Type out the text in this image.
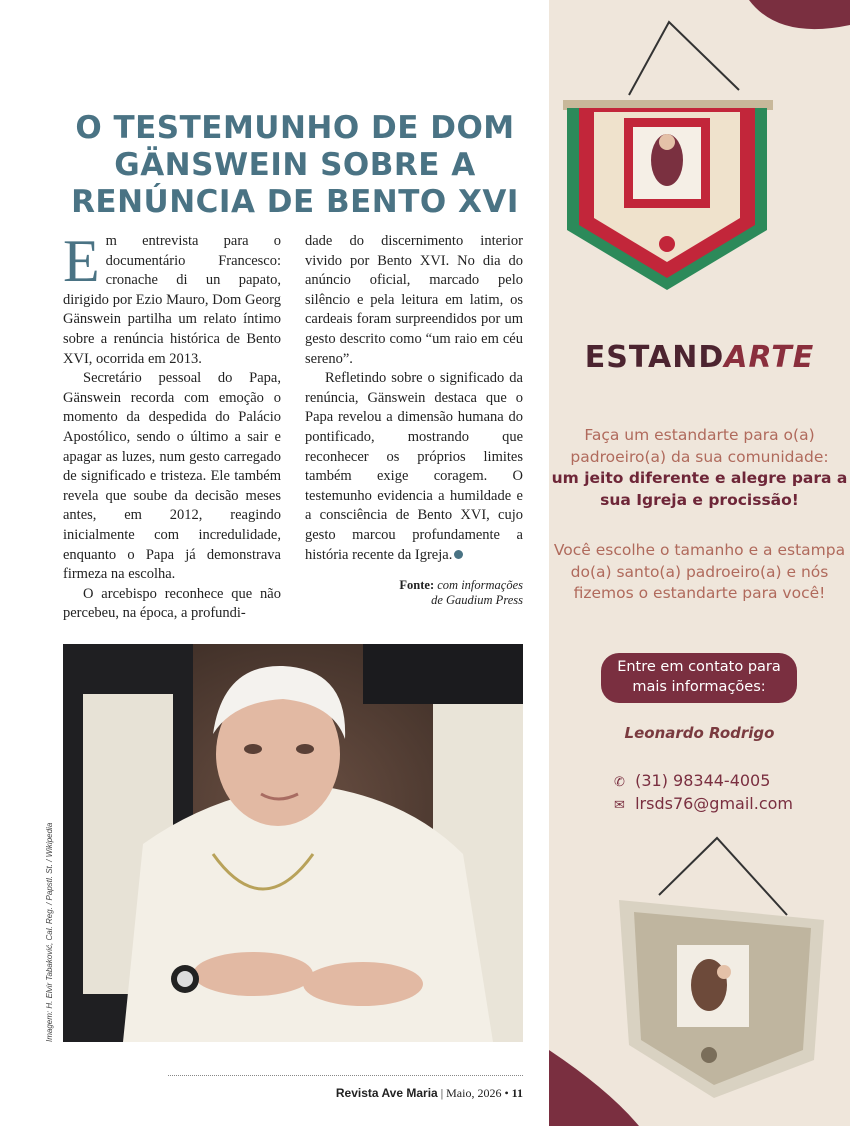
O TESTEMUNHO DE DOM
GÄNSWEIN SOBRE A
RENÚNCIA DE BENTO XVI

Em entrevista para o documentário Francesco: cronache di un papato, dirigido por Ezio Mauro, Dom Georg Gänswein partilha um relato íntimo sobre a renúncia histórica de Bento XVI, ocorrida em 2013.

Secretário pessoal do Papa, Gänswein recorda com emoção o momento da despedida do Palácio Apostólico, sendo o último a sair e apagar as luzes, num gesto carregado de significado e tristeza. Ele também revela que soube da decisão meses antes, em 2012, reagindo inicialmente com incredulidade, enquanto o Papa já demonstrava firmeza na escolha.

O arcebispo reconhece que não percebeu, na época, a profundi-

dade do discernimento interior vivido por Bento XVI. No dia do anúncio oficial, marcado pelo silêncio e pela leitura em latim, os cardeais foram surpreendidos por um gesto descrito como “um raio em céu sereno”.

Refletindo sobre o significado da renúncia, Gänswein destaca que o Papa revelou a dimensão humana do pontificado, mostrando que reconhecer os próprios limites também exige coragem. O testemunho evidencia a humildade e a consciência de Bento XVI, cujo gesto marcou profundamente a história recente da Igreja.

Fonte: com informações
de Gaudium Press
Imagem: H. Elvir Tabaković, Cal. Reg. / Papstl. St. / Wikipedia
Revista Ave Maria | Maio, 2026 • 11
ESTANDARTE
Faça um estandarte para o(a) padroeiro(a) da sua comunidade:
um jeito diferente e alegre para a sua Igreja e procissão!
Você escolhe o tamanho e a estampa do(a) santo(a) padroeiro(a) e nós fizemos o estandarte para você!
Entre em contato para
mais informações:
Leonardo Rodrigo
✆ (31) 98344-4005
✉ lrsds76@gmail.com
